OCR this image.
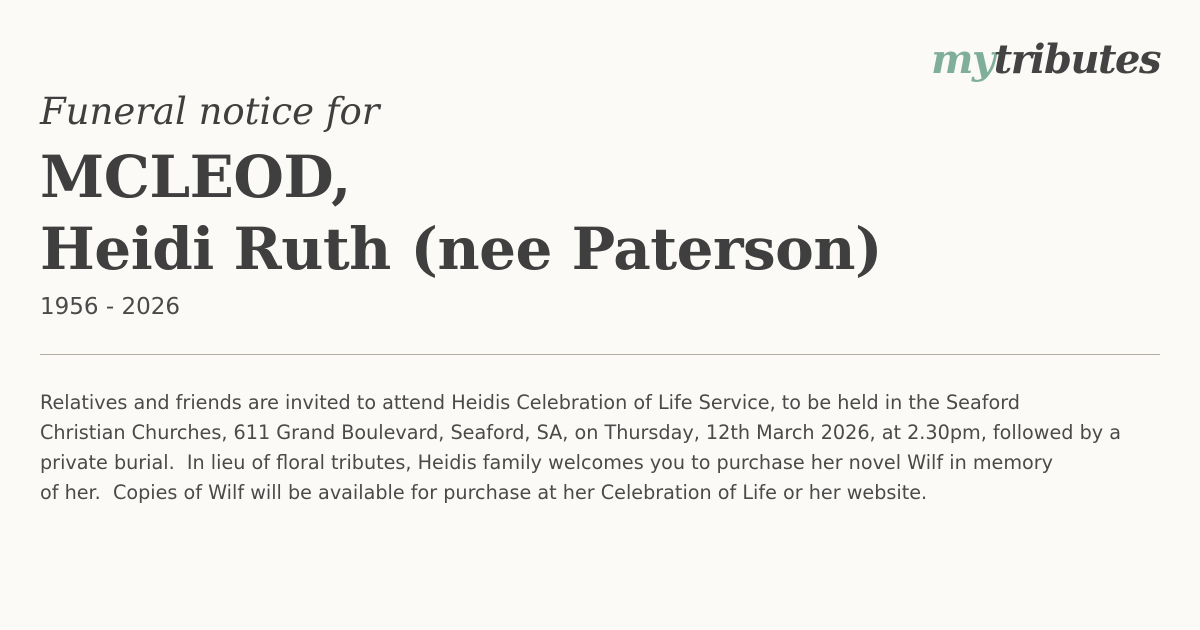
mytributes
Funeral notice for
MCLEOD,
Heidi Ruth (nee Paterson)
1956 - 2026
Relatives and friends are invited to attend Heidis Celebration of Life Service, to be held in the Seaford
Christian Churches, 611 Grand Boulevard, Seaford, SA, on Thursday, 12th March 2026, at 2.30pm, followed by a
private burial.  In lieu of floral tributes, Heidis family welcomes you to purchase her novel Wilf in memory
of her.  Copies of Wilf will be available for purchase at her Celebration of Life or her website.
